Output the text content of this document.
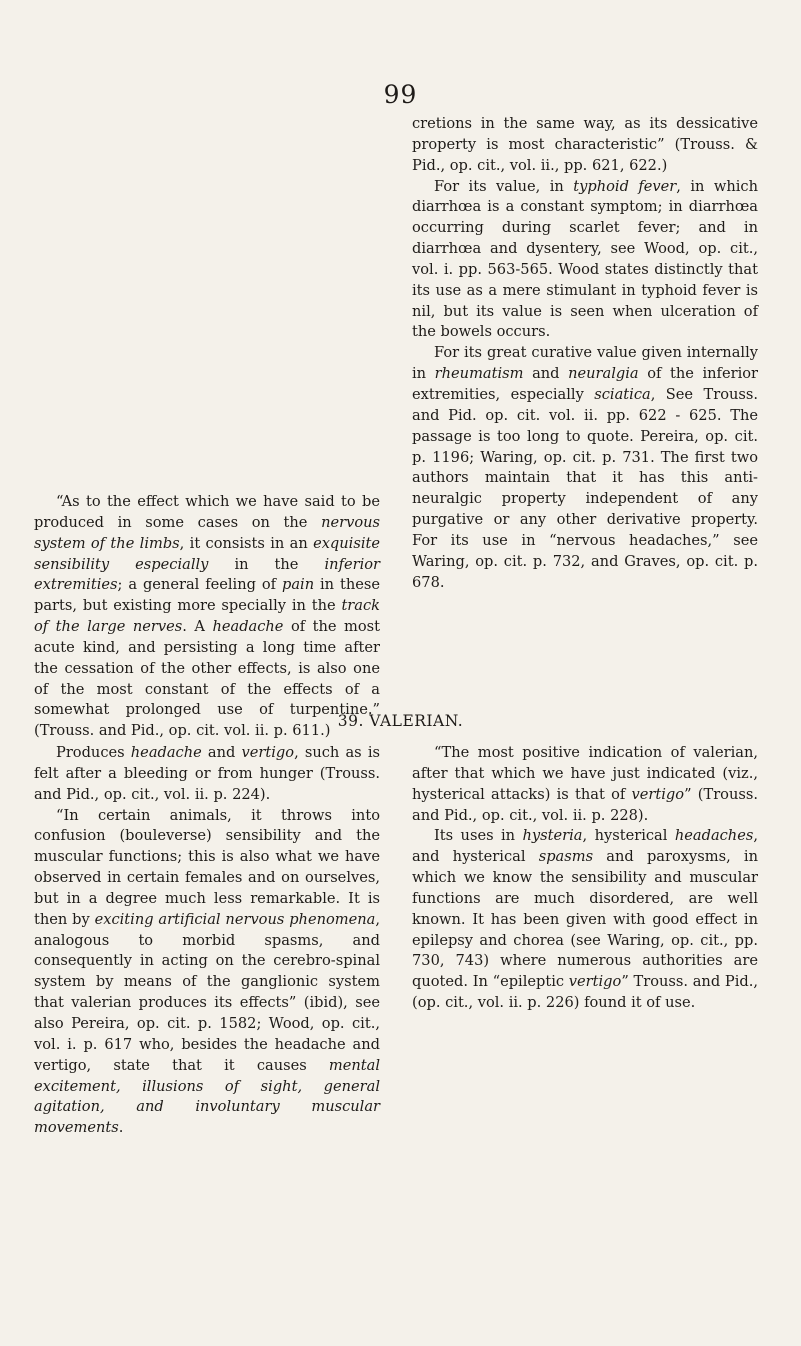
99

“As to the effect which we have said to be produced in some cases on the nervous system of the limbs, it consists in an exquisite sensibility especially in the inferior extremities; a general feeling of pain in these parts, but existing more specially in the track of the large nerves. A headache of the most acute kind, and persisting a long time after the cessation of the other effects, is also one of the most constant of the effects of a somewhat prolonged use of turpentine.” (Trouss. and Pid., op. cit. vol. ii. p. 611.)

cretions in the same way, as its dessicative property is most characteristic” (Trouss. & Pid., op. cit., vol. ii., pp. 621, 622.)

For its value, in typhoid fever, in which diarrhœa is a constant symptom; in diarrhœa occurring during scarlet fever; and in diarrhœa and dysentery, see Wood, op. cit., vol. i. pp. 563-565. Wood states distinctly that its use as a mere stimulant in typhoid fever is nil, but its value is seen when ulceration of the bowels occurs.

For its great curative value given internally in rheumatism and neuralgia of the inferior extremities, especially sciatica, See Trouss. and Pid. op. cit. vol. ii. pp. 622 - 625. The passage is too long to quote. Pereira, op. cit. p. 1196; Waring, op. cit. p. 731. The first two authors maintain that it has this anti-neuralgic property independent of any purgative or any other derivative property. For its use in “nervous headaches,” see Waring, op. cit. p. 732, and Graves, op. cit. p. 678.

39. VALERIAN.

Produces headache and vertigo, such as is felt after a bleeding or from hunger (Trouss. and Pid., op. cit., vol. ii. p. 224).

“In certain animals, it throws into confusion (bouleverse) sensibility and the muscular functions; this is also what we have observed in certain females and on ourselves, but in a degree much less remarkable. It is then by exciting artificial nervous phenomena, analogous to morbid spasms, and consequently in acting on the cerebro-spinal system by means of the ganglionic system that valerian produces its effects” (ibid), see also Pereira, op. cit. p. 1582; Wood, op. cit., vol. i. p. 617 who, besides the headache and vertigo, state that it causes mental excitement, illusions of sight, general agitation, and involuntary muscular movements.

“The most positive indication of valerian, after that which we have just indicated (viz., hysterical attacks) is that of vertigo” (Trouss. and Pid., op. cit., vol. ii. p. 228).

Its uses in hysteria, hysterical headaches, and hysterical spasms and paroxysms, in which we know the sensibility and muscular functions are much disordered, are well known. It has been given with good effect in epilepsy and chorea (see Waring, op. cit., pp. 730, 743) where numerous authorities are quoted. In “epileptic vertigo” Trouss. and Pid., (op. cit., vol. ii. p. 226) found it of use.
